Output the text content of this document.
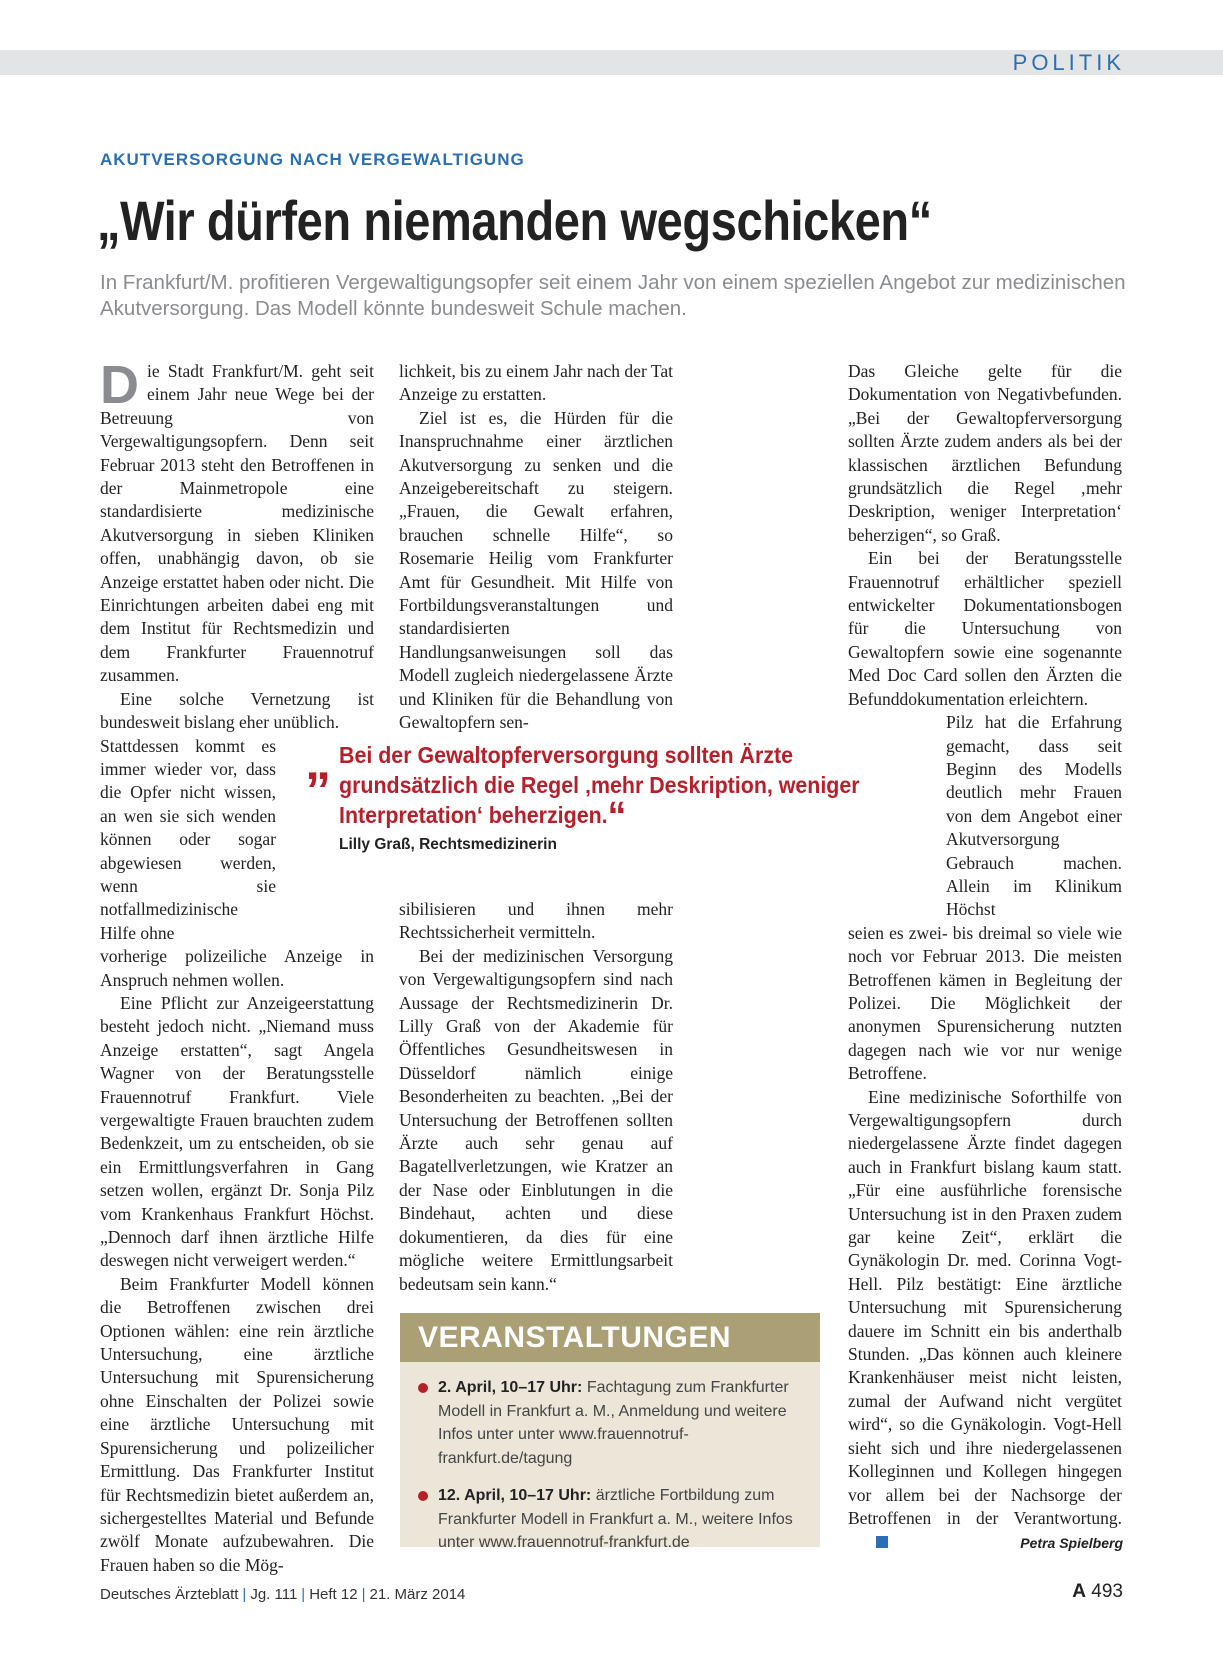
POLITIK
AKUTVERSORGUNG NACH VERGEWALTIGUNG
„Wir dürfen niemanden wegschicken“
In Frankfurt/M. profitieren Vergewaltigungsopfer seit einem Jahr von einem speziellen Angebot zur medizinischen Akutversorgung. Das Modell könnte bundesweit Schule machen.

Die Stadt Frankfurt/M. geht seit einem Jahr neue Wege bei der Betreuung von Vergewaltigungsopfern. Denn seit Februar 2013 steht den Betroffenen in der Mainmetropole eine standardisierte medizinische Akutversorgung in sieben Kliniken offen, unabhängig davon, ob sie Anzeige erstattet haben oder nicht. Die Einrichtungen arbeiten dabei eng mit dem Institut für Rechtsmedizin und dem Frankfurter Frauennotruf zusammen.

Eine solche Vernetzung ist bundesweit bislang eher unüblich.

Stattdessen kommt es immer wieder vor, dass die Opfer nicht wissen, an wen sie sich wenden können oder sogar abgewiesen werden, wenn sie notfallmedizinische Hilfe ohne

vorherige polizeiliche Anzeige in Anspruch nehmen wollen.

Eine Pflicht zur Anzeigeerstattung besteht jedoch nicht. „Niemand muss Anzeige erstatten“, sagt Angela Wagner von der Beratungsstelle Frauennotruf Frankfurt. Viele vergewaltigte Frauen brauchten zudem Bedenkzeit, um zu entscheiden, ob sie ein Ermittlungsverfahren in Gang setzen wollen, ergänzt Dr. Sonja Pilz vom Krankenhaus Frankfurt Höchst. „Dennoch darf ihnen ärztliche Hilfe deswegen nicht verweigert werden.“

Beim Frankfurter Modell können die Betroffenen zwischen drei Optionen wählen: eine rein ärztliche Untersuchung, eine ärztliche Untersuchung mit Spurensicherung ohne Einschalten der Polizei sowie eine ärztliche Untersuchung mit Spurensicherung und polizeilicher Ermittlung. Das Frankfurter Institut für Rechtsmedizin bietet außerdem an, sichergestelltes Material und Befunde zwölf Monate aufzubewahren. Die Frauen haben so die Mög-

lichkeit, bis zu einem Jahr nach der Tat Anzeige zu erstatten.

Ziel ist es, die Hürden für die Inanspruchnahme einer ärztlichen Akutversorgung zu senken und die Anzeigebereitschaft zu steigern. „Frauen, die Gewalt erfahren, brauchen schnelle Hilfe“, so Rosemarie Heilig vom Frankfurter Amt für Gesundheit. Mit Hilfe von Fortbildungsveranstaltungen und standardisierten Handlungsanweisungen soll das Modell zugleich niedergelassene Ärzte und Kliniken für die Behandlung von Gewaltopfern sen-

sibilisieren und ihnen mehr Rechtssicherheit vermitteln.

Bei der medizinischen Versorgung von Vergewaltigungsopfern sind nach Aussage der Rechtsmedizinerin Dr. Lilly Graß von der Akademie für Öffentliches Gesundheitswesen in Düsseldorf nämlich einige Besonderheiten zu beachten. „Bei der Untersuchung der Betroffenen sollten Ärzte auch sehr genau auf Bagatellverletzungen, wie Kratzer an der Nase oder Einblutungen in die Bindehaut, achten und diese dokumentieren, da dies für eine mögliche weitere Ermittlungsarbeit bedeutsam sein kann.“

Das Gleiche gelte für die Dokumentation von Negativbefunden. „Bei der Gewaltopferversorgung sollten Ärzte zudem anders als bei der klassischen ärztlichen Befundung grundsätzlich die Regel ‚mehr Deskription, weniger Interpretation‘ beherzigen“, so Graß.

Ein bei der Beratungsstelle Frauennotruf erhältlicher speziell entwickelter Dokumentationsbogen für die Untersuchung von Gewaltopfern sowie eine sogenannte Med Doc Card sollen den Ärzten die Befunddokumentation erleichtern.

Pilz hat die Erfahrung gemacht, dass seit Beginn des Modells deutlich mehr Frauen von dem Angebot einer Akutversorgung Gebrauch machen. Allein im Klinikum Höchst

seien es zwei- bis dreimal so viele wie noch vor Februar 2013. Die meisten Betroffenen kämen in Begleitung der Polizei. Die Möglichkeit der anonymen Spurensicherung nutzten dagegen nach wie vor nur wenige Betroffene.

Eine medizinische Soforthilfe von Vergewaltigungsopfern durch niedergelassene Ärzte findet dagegen auch in Frankfurt bislang kaum statt. „Für eine ausführliche forensische Untersuchung ist in den Praxen zudem gar keine Zeit“, erklärt die Gynäkologin Dr. med. Corinna Vogt-Hell. Pilz bestätigt: Eine ärztliche Untersuchung mit Spurensicherung dauere im Schnitt ein bis anderthalb Stunden. „Das können auch kleinere Krankenhäuser meist nicht leisten, zumal der Aufwand nicht vergütet wird“, so die Gynäkologin. Vogt-Hell sieht sich und ihre niedergelassenen Kolleginnen und Kollegen hingegen vor allem bei der Nachsorge der Betroffenen in der Verantwortung.

„ Bei der Gewaltopferversorgung sollten Ärzte grundsätzlich die Regel ‚mehr Deskription, weniger Interpretation‘ beherzigen.“
Lilly Graß, Rechtsmedizinerin
VERANSTALTUNGEN
2. April, 10–17 Uhr: Fachtagung zum Frankfurter Modell in Frankfurt a. M., Anmeldung und weitere Infos unter unter www.frauennotruf-frankfurt.de/tagung
12. April, 10–17 Uhr: ärztliche Fortbildung zum Frankfurter Modell in Frankfurt a. M., weitere Infos unter www.frauennotruf-frankfurt.de	Petra Spielberg
Deutsches Ärzteblatt | Jg. 111 | Heft 12 | 21. März 2014	A 493
